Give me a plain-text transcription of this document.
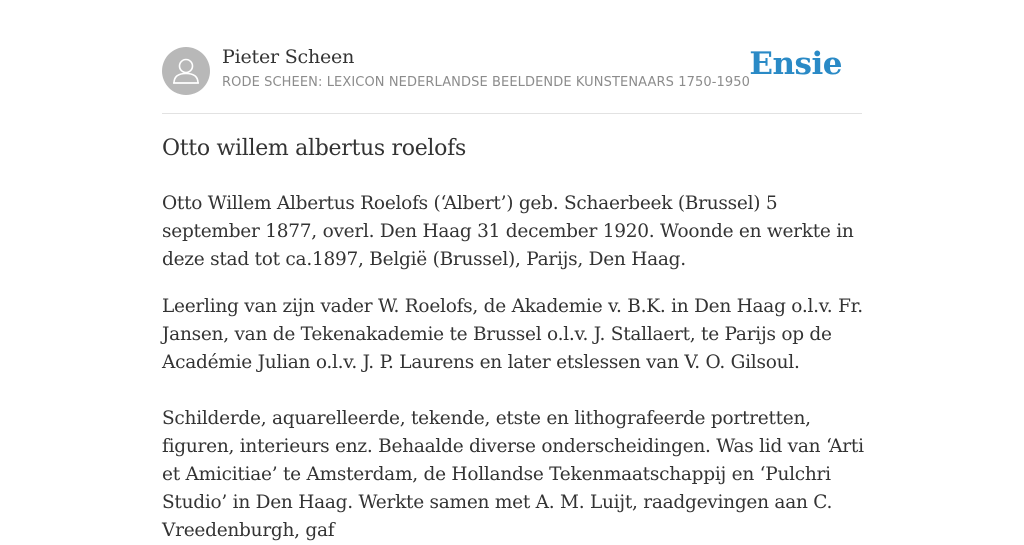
Pieter Scheen
RODE SCHEEN: LEXICON NEDERLANDSE BEELDENDE KUNSTENAARS 1750-1950
Ensie
Otto willem albertus roelofs

Otto Willem Albertus Roelofs (‘Albert’) geb. Schaerbeek (Brussel) 5 september 1877, overl. Den Haag 31 december 1920. Woonde en werkte in deze stad tot ca.1897, België (Brussel), Parijs, Den Haag.

Leerling van zijn vader W. Roelofs, de Akademie v. B.K. in Den Haag o.l.v. Fr. Jansen, van de Tekenakademie te Brussel o.l.v. J. Stallaert, te Parijs op de Académie Julian o.l.v. J. P. Laurens en later etslessen van V. O. Gilsoul.

Schilderde, aquarelleerde, tekende, etste en lithografeerde portretten, figuren, interieurs enz. Behaalde diverse onderscheidingen. Was lid van ‘Arti et Amicitiae’ te Amsterdam, de Hollandse Tekenmaatschappij en ‘Pulchri Studio’ in Den Haag. Werkte samen met A. M. Luijt, raadgevingen aan C. Vreedenburgh, gaf
